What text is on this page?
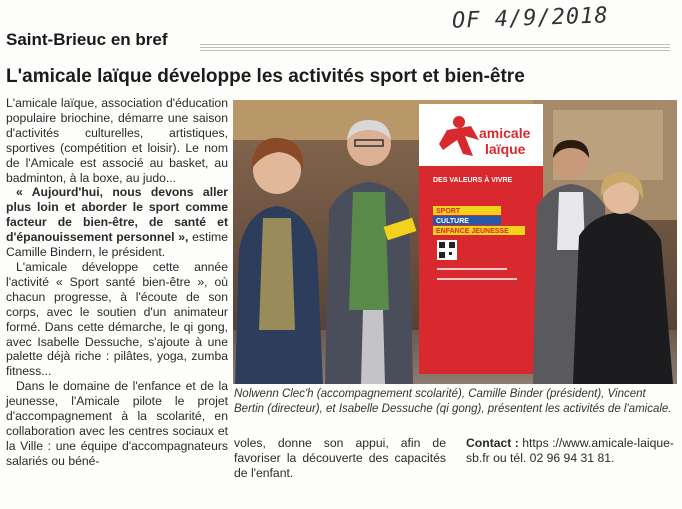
OF 4/9/2018
Saint-Brieuc en bref
L'amicale laïque développe les activités sport et bien-être

L'amicale laïque, association d'éducation populaire briochine, démarre une saison d'activités culturelles, artistiques, sportives (compétition et loisir). Le nom de l'Amicale est associé au basket, au badminton, à la boxe, au judo...

« Aujourd'hui, nous devons aller plus loin et aborder le sport comme facteur de bien-être, de santé et d'épanouissement personnel », estime Camille Bindern, le président.

L'amicale développe cette année l'activité « Sport santé bien-être », où chacun progresse, à l'écoute de son corps, avec le soutien d'un animateur formé. Dans cette démarche, le qi gong, avec Isabelle Dessuche, s'ajoute à une palette déjà riche : pilâtes, yoga, zumba fitness...

Dans le domaine de l'enfance et de la jeunesse, l'Amicale pilote le projet d'accompagnement à la scolarité, en collaboration avec les centres sociaux et la Ville : une équipe d'accompagnateurs salariés ou béné-

amicale
laïque
DES VALEURS À VIVRE
SPORT
CULTURE
ENFANCE JEUNESSE
Nolwenn Clec'h (accompagnement scolarité), Camille Binder (président), Vincent Bertin (directeur), et Isabelle Dessuche (qi gong), présentent les activités de l'amicale.
voles, donne son appui, afin de favoriser la découverte des capacités de l'enfant.
Contact : https ://www.amicale-laique-sb.fr ou tél. 02 96 94 31 81.
